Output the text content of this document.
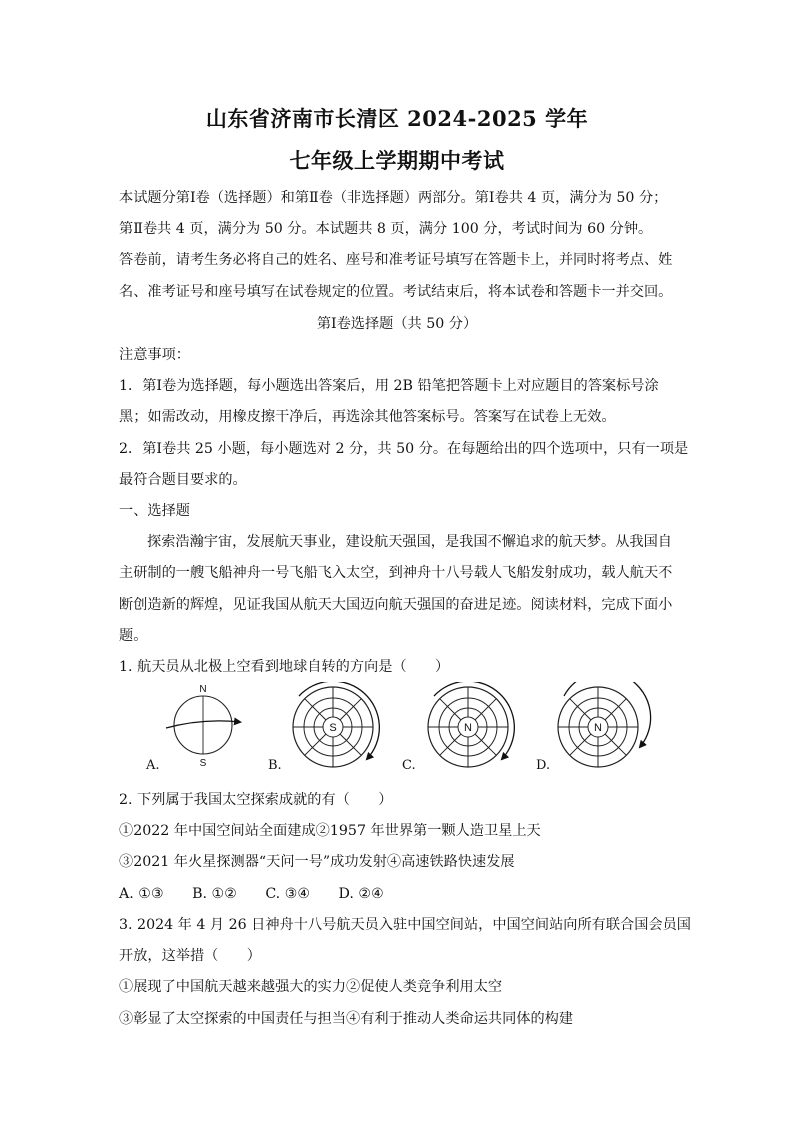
山东省济南市长清区 2024-2025 学年
七年级上学期期中考试
本试题分第Ⅰ卷（选择题）和第Ⅱ卷（非选择题）两部分。第Ⅰ卷共 4 页，满分为 50 分；
第Ⅱ卷共 4 页，满分为 50 分。本试题共 8 页，满分 100 分，考试时间为 60 分钟。
答卷前，请考生务必将自己的姓名、座号和准考证号填写在答题卡上，并同时将考点、姓
名、准考证号和座号填写在试卷规定的位置。考试结束后，将本试卷和答题卡一并交回。
第Ⅰ卷选择题（共 50 分）
注意事项：
1．第Ⅰ卷为选择题，每小题选出答案后，用 2B 铅笔把答题卡上对应题目的答案标号涂
黑；如需改动，用橡皮擦干净后，再选涂其他答案标号。答案写在试卷上无效。
2．第Ⅰ卷共 25 小题，每小题选对 2 分，共 50 分。在每题给出的四个选项中，只有一项是
最符合题目要求的。
一、选择题
探索浩瀚宇宙，发展航天事业，建设航天强国，是我国不懈追求的航天梦。从我国自
主研制的一艘飞船神舟一号飞船飞入太空，到神舟十八号载人飞船发射成功，载人航天不
断创造新的辉煌，见证我国从航天大国迈向航天强国的奋进足迹。阅读材料，完成下面小
题。
1. 航天员从北极上空看到地球自转的方向是（　　）
N
S
S	N	N
A.	B.	C.	D.
2. 下列属于我国太空探索成就的有（　　）
①2022 年中国空间站全面建成②1957 年世界第一颗人造卫星上天
③2021 年火星探测器“天问一号”成功发射④高速铁路快速发展
A. ①③　　B. ①②　　C. ③④　　D. ②④
3. 2024 年 4 月 26 日神舟十八号航天员入驻中国空间站，中国空间站向所有联合国会员国
开放，这举措（　　）
①展现了中国航天越来越强大的实力②促使人类竞争利用太空
③彰显了太空探索的中国责任与担当④有利于推动人类命运共同体的构建
